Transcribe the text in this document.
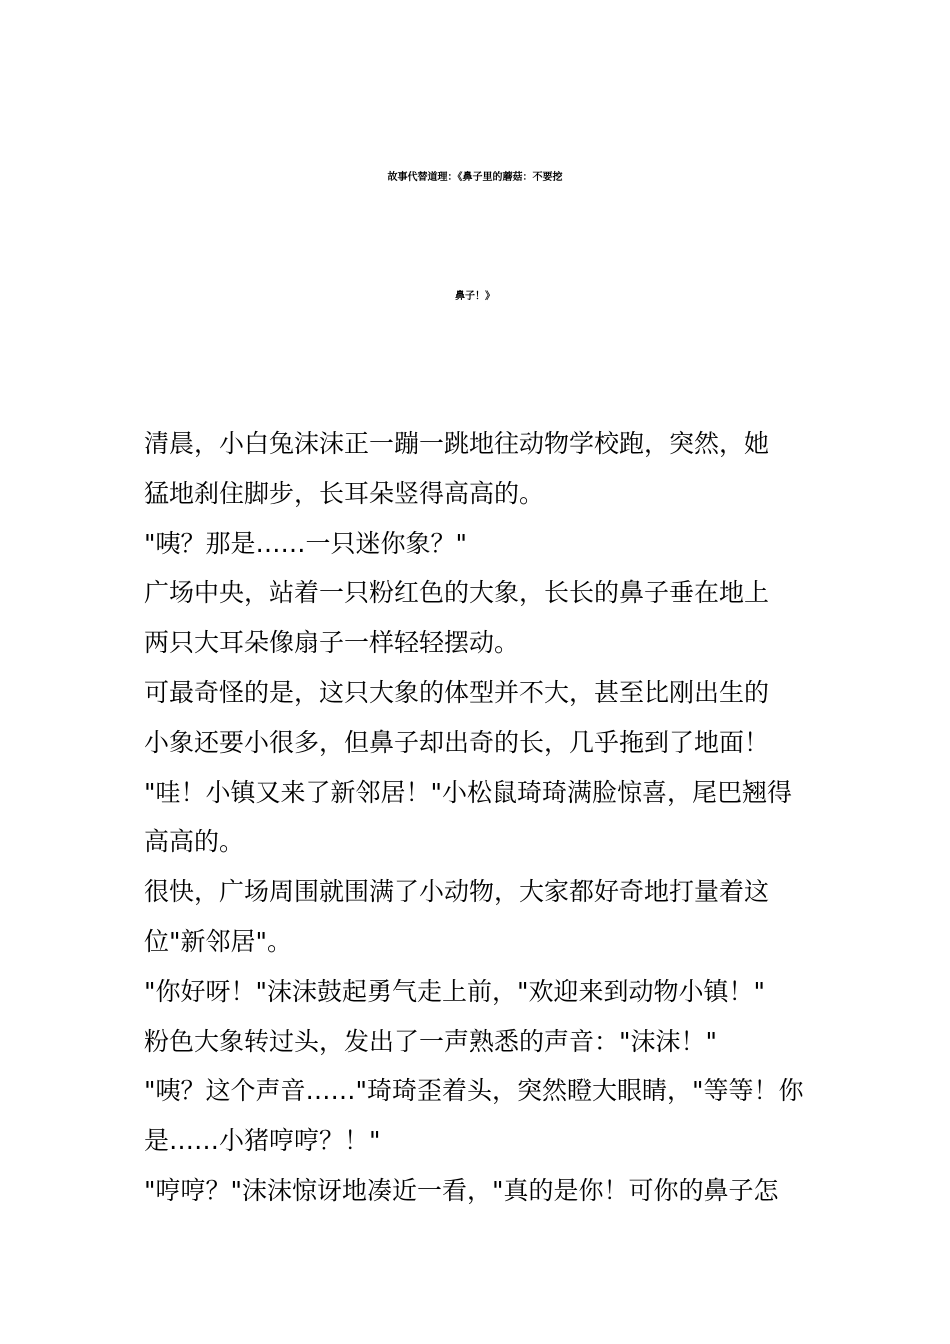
故事代替道理：《鼻子里的蘑菇：不要挖
鼻子！》
清晨，小白兔沫沫正一蹦一跳地往动物学校跑，突然，她
猛地刹住脚步，长耳朵竖得高高的。
"咦？那是……一只迷你象？"
广场中央，站着一只粉红色的大象，长长的鼻子垂在地上
两只大耳朵像扇子一样轻轻摆动。
可最奇怪的是，这只大象的体型并不大，甚至比刚出生的
小象还要小很多，但鼻子却出奇的长，几乎拖到了地面！
"哇！小镇又来了新邻居！"小松鼠琦琦满脸惊喜，尾巴翘得
高高的。
很快，广场周围就围满了小动物，大家都好奇地打量着这
位"新邻居"。
"你好呀！"沫沫鼓起勇气走上前，"欢迎来到动物小镇！"
粉色大象转过头，发出了一声熟悉的声音："沫沫！"
"咦？这个声音……"琦琦歪着头，突然瞪大眼睛，"等等！你
是……小猪哼哼？！"
"哼哼？"沫沫惊讶地凑近一看，"真的是你！可你的鼻子怎
